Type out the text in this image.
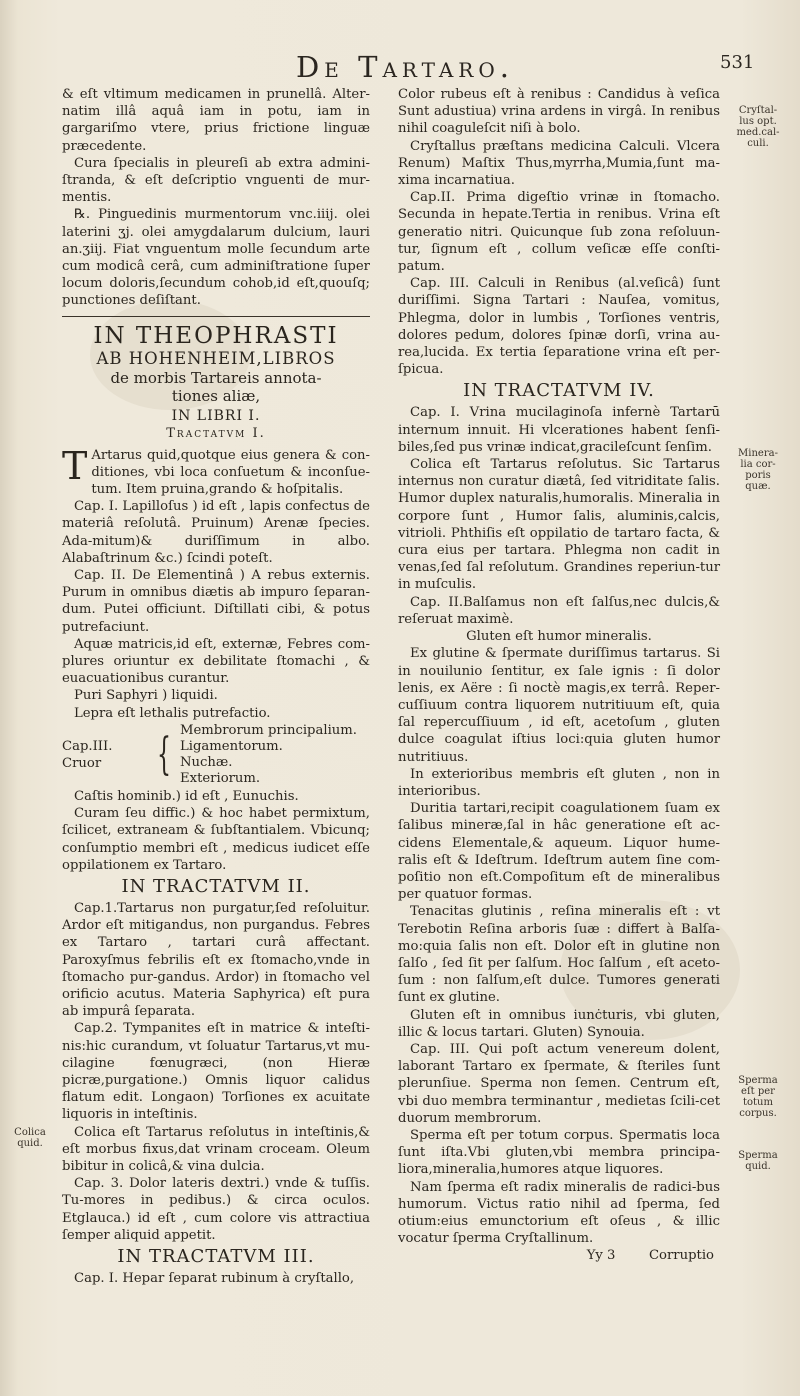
De Tartaro.	531

& eſt vltimum medicamen in prunellâ. Alter-natim illâ aquâ iam in potu, iam in gargariſmo vtere, prius frictione linguæ præcedente.

Cura ſpecialis in pleureſi ab extra admini-ſtranda, & eſt deſcriptio vnguenti de mur-mentis.

℞. Pinguedinis murmentorum vnc.iiij. olei laterini ʒj. olei amygdalarum dulcium, lauri an.ʒiij. Fiat vnguentum molle ſecundum arte cum modicâ cerâ, cum adminiſtratione ſuper locum doloris,ſecundum cohob,id eſt,quouſq; punctiones deſiſtant.

IN THEOPHRASTI
AB HOHENHEIM,LIBROS
de morbis Tartareis annota-
tiones aliæ,
IN LIBRI I.
Tractatvm I.

T Artarus quid,quotque eius genera & con-ditiones, vbi loca conſuetum & inconſue-tum. Item pruina,grando & hoſpitalis.

Cap. I. Lapilloſus ) id eſt , lapis confectus de materiâ reſolutâ. Pruinum) Arenæ ſpecies. Ada-mitum)& duriſſimum in albo. Alabaſtrinum &c.) ſcindi poteſt.

Cap. II. De Elementinâ ) A rebus externis. Purum in omnibus diætis ab impuro ſeparan-dum. Putei officiunt. Diſtillati cibi, & potus putrefaciunt.

Aquæ matricis,id eſt, externæ, Febres com-plures oriuntur ex debilitate ſtomachi , & euacuationibus curantur.

Puri Saphyri ) liquidi.

Lepra eſt lethalis putrefactio.

Cap.III. Cruor	{ Membrorum principalium.
Ligamentorum.
Nuchæ.
Exteriorum.

Caſtis hominib.) id eſt , Eunuchis.

Curam ſeu diffic.) & hoc habet permixtum, ſcilicet, extraneam & ſubſtantialem. Vbicunq; conſumptio membri eſt , medicus iudicet eſſe oppilationem ex Tartaro.

IN TRACTATVM II.

Cap.1.Tartarus non purgatur,ſed reſoluitur. Ardor eſt mitigandus, non purgandus. Febres ex Tartaro , tartari curâ affectant. Paroxyſmus febrilis eſt ex ſtomacho,vnde in ſtomacho pur-gandus. Ardor) in ſtomacho vel orificio acutus. Materia Saphyrica) eſt pura ab impurâ ſeparata.

Cap.2. Tympanites eſt in matrice & inteſti-nis:hic curandum, vt ſoluatur Tartarus,vt mu-cilagine fœnugræci, (non Hieræ picræ,purgatione.) Omnis liquor calidus flatum edit. Longaon) Torſiones ex acuitate liquoris in inteſtinis.

Colica eſt Tartarus reſolutus in inteſtinis,& eſt morbus fixus,dat vrinam croceam. Oleum bibitur in colicâ,& vina dulcia.

Cap. 3. Dolor lateris dextri.) vnde & tuſſis. Tu-mores in pedibus.) & circa oculos. Etglauca.) id eſt , cum colore vis attractiua ſemper aliquid appetit.

IN TRACTATVM III.

Cap. I. Hepar ſeparat rubinum à cryſtallo,

Color rubeus eſt à renibus : Candidus à veſica Sunt adustiua) vrina ardens in virgâ. In renibus nihil coaguleſcit niſi à bolo.

Cryſtallus præſtans medicina Calculi. Vlcera Renum) Maſtix Thus,myrrha,Mumia,ſunt ma-xima incarnatiua.

Cap.II. Prima digeſtio vrinæ in ſtomacho. Secunda in hepate.Tertia in renibus. Vrina eſt generatio nitri. Quicunque ſub zona reſoluun-tur, ſignum eſt , collum veſicæ eſſe conſti-patum.

Cap. III. Calculi in Renibus (al.veſicâ) ſunt duriſſimi. Signa Tartari : Nauſea, vomitus, Phlegma, dolor in lumbis , Torſiones ventris, dolores pedum, dolores ſpinæ dorſi, vrina au-rea,lucida. Ex tertia ſeparatione vrina eſt per-ſpicua.

IN TRACTATVM IV.

Cap. I. Vrina mucilaginoſa infernè Tartarū internum innuit. Hi vlcerationes habent ſenſi-biles,ſed pus vrinæ indicat,gracileſcunt ſenſim.

Colica eſt Tartarus reſolutus. Sic Tartarus internus non curatur diætâ, ſed vitriditate ſalis. Humor duplex naturalis,humoralis. Mineralia in corpore ſunt , Humor ſalis, aluminis,calcis, vitrioli. Phthiſis eſt oppilatio de tartaro facta, & cura eius per tartara. Phlegma non cadit in venas,ſed ſal reſolutum. Grandines reperiun-tur in muſculis.

Cap. II.Balſamus non eſt ſalſus,nec dulcis,& reſeruat maximè.

Gluten eſt humor mineralis.

Ex glutine & ſpermate duriſſimus tartarus. Si in nouilunio ſentitur, ex ſale ignis : ſi dolor lenis, ex Aëre : ſi noctè magis,ex terrâ. Reper-cuſſiuum contra liquorem nutritiuum eſt, quia ſal repercuſſiuum , id eſt, acetoſum , gluten dulce coagulat iſtius loci:quia gluten humor nutritiuus.

In exterioribus membris eſt gluten , non in interioribus.

Duritia tartari,recipit coagulationem ſuam ex ſalibus mineræ,ſal in hâc generatione eſt ac-cidens Elementale,& aqueum. Liquor hume-ralis eſt & Ideſtrum. Ideſtrum autem ſine com-poſitio non eſt.Compoſitum eſt de mineralibus per quatuor formas.

Tenacitas glutinis , reſina mineralis eſt : vt Terebotin Reſina arboris ſuæ : differt à Balſa-mo:quia ſalis non eſt. Dolor eſt in glutine non ſalſo , ſed ſit per ſalſum. Hoc ſalſum , eſt aceto-ſum : non ſalſum,eſt dulce. Tumores generati ſunt ex glutine.

Gluten eſt in omnibus iunċturis, vbi gluten, illic & locus tartari. Gluten) Synouia.

Cap. III. Qui poſt actum venereum dolent, laborant Tartaro ex ſpermate, & ſteriles ſunt plerunſiue. Sperma non ſemen. Centrum eſt, vbi duo membra terminantur , medietas ſcili-cet duorum membrorum.

Sperma eſt per totum corpus. Spermatis loca ſunt iſta.Vbi gluten,vbi membra principa-liora,mineralia,humores atque liquores.

Nam ſperma eſt radix mineralis de radici-bus humorum. Victus ratio nihil ad ſperma, ſed otium:eius emunctorium eſt oſeus , & illic vocatur ſperma Cryſtallinum.

Yy 3        Corruptio

Colica quid.
Cryſtal-lus opt. med.cal-culi.
Minera-lia cor-poris quæ.
Sperma eſt per totum corpus.
Sperma quid.
